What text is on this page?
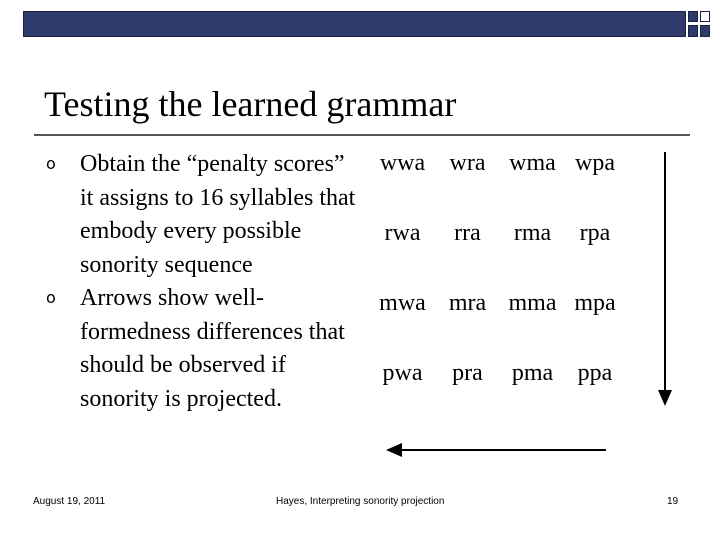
Testing the learned grammar
o Obtain the “penalty scores” it assigns to 16 syllables that embody every possible sonority sequence
o Arrows show well-formedness differences that should be observed if sonority is projected.
wwa	wra	wma	wpa
rwa	rra	rma	rpa
mwa	mra	mma	mpa
pwa	pra	pma	ppa
August 19, 2011	Hayes, Interpreting sonority projection	19
